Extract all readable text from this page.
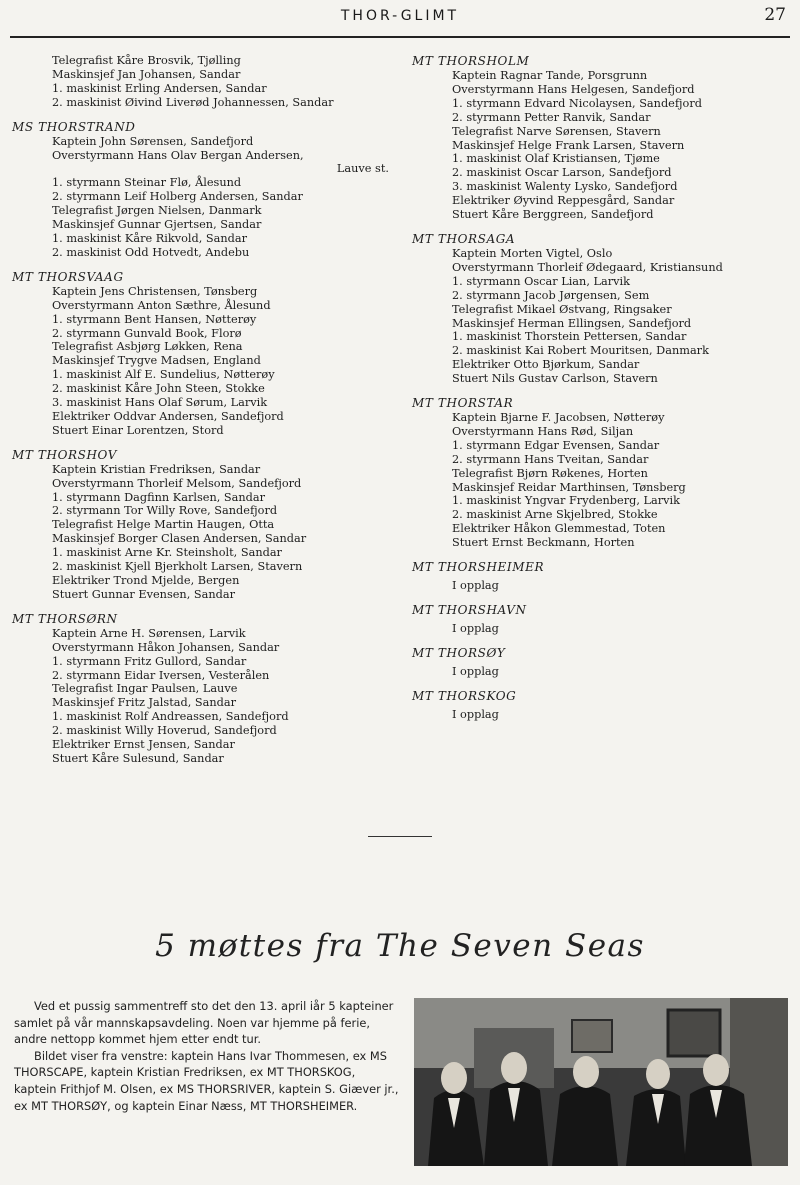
THOR-GLIMT	27
Telegrafist Kåre Brosvik, Tjølling
Maskinsjef Jan Johansen, Sandar
1. maskinist Erling Andersen, Sandar
2. maskinist Øivind Liverød Johannessen, Sandar
MS THORSTRAND
Kaptein John Sørensen, Sandefjord
Overstyrmann Hans Olav Bergan Andersen,
Lauve st.
1. styrmann Steinar Flø, Ålesund
2. styrmann Leif Holberg Andersen, Sandar
Telegrafist Jørgen Nielsen, Danmark
Maskinsjef Gunnar Gjertsen, Sandar
1. maskinist Kåre Rikvold, Sandar
2. maskinist Odd Hotvedt, Andebu
MT THORSVAAG
Kaptein Jens Christensen, Tønsberg
Overstyrmann Anton Sæthre, Ålesund
1. styrmann Bent Hansen, Nøtterøy
2. styrmann Gunvald Book, Florø
Telegrafist Asbjørg Løkken, Rena
Maskinsjef Trygve Madsen, England
1. maskinist Alf E. Sundelius, Nøtterøy
2. maskinist Kåre John Steen, Stokke
3. maskinist Hans Olaf Sørum, Larvik
Elektriker Oddvar Andersen, Sandefjord
Stuert Einar Lorentzen, Stord
MT THORSHOV
Kaptein Kristian Fredriksen, Sandar
Overstyrmann Thorleif Melsom, Sandefjord
1. styrmann Dagfinn Karlsen, Sandar
2. styrmann Tor Willy Rove, Sandefjord
Telegrafist Helge Martin Haugen, Otta
Maskinsjef Borger Clasen Andersen, Sandar
1. maskinist Arne Kr. Steinsholt, Sandar
2. maskinist Kjell Bjerkholt Larsen, Stavern
Elektriker Trond Mjelde, Bergen
Stuert Gunnar Evensen, Sandar
MT THORSØRN
Kaptein Arne H. Sørensen, Larvik
Overstyrmann Håkon Johansen, Sandar
1. styrmann Fritz Gullord, Sandar
2. styrmann Eidar Iversen, Vesterålen
Telegrafist Ingar Paulsen, Lauve
Maskinsjef Fritz Jalstad, Sandar
1. maskinist Rolf Andreassen, Sandefjord
2. maskinist Willy Hoverud, Sandefjord
Elektriker Ernst Jensen, Sandar
Stuert Kåre Sulesund, Sandar
MT THORSHOLM
Kaptein Ragnar Tande, Porsgrunn
Overstyrmann Hans Helgesen, Sandefjord
1. styrmann Edvard Nicolaysen, Sandefjord
2. styrmann Petter Ranvik, Sandar
Telegrafist Narve Sørensen, Stavern
Maskinsjef Helge Frank Larsen, Stavern
1. maskinist Olaf Kristiansen, Tjøme
2. maskinist Oscar Larson, Sandefjord
3. maskinist Walenty Lysko, Sandefjord
Elektriker Øyvind Reppesgård, Sandar
Stuert Kåre Berggreen, Sandefjord
MT THORSAGA
Kaptein Morten Vigtel, Oslo
Overstyrmann Thorleif Ødegaard, Kristiansund
1. styrmann Oscar Lian, Larvik
2. styrmann Jacob Jørgensen, Sem
Telegrafist Mikael Østvang, Ringsaker
Maskinsjef Herman Ellingsen, Sandefjord
1. maskinist Thorstein Pettersen, Sandar
2. maskinist Kai Robert Mouritsen, Danmark
Elektriker Otto Bjørkum, Sandar
Stuert Nils Gustav Carlson, Stavern
MT THORSTAR
Kaptein Bjarne F. Jacobsen, Nøtterøy
Overstyrmann Hans Rød, Siljan
1. styrmann Edgar Evensen, Sandar
2. styrmann Hans Tveitan, Sandar
Telegrafist Bjørn Røkenes, Horten
Maskinsjef Reidar Marthinsen, Tønsberg
1. maskinist Yngvar Frydenberg, Larvik
2. maskinist Arne Skjelbred, Stokke
Elektriker Håkon Glemmestad, Toten
Stuert Ernst Beckmann, Horten
MT THORSHEIMER
I opplag
MT THORSHAVN
I opplag
MT THORSØY
I opplag
MT THORSKOG
I opplag
5 møttes fra The Seven Seas

Ved et pussig sammentreff sto det den 13. april iår 5 kapteiner samlet på vår mannskapsavdeling. Noen var hjemme på ferie, andre nettopp kommet hjem etter endt tur.

Bildet viser fra venstre: kaptein Hans Ivar Thommesen, ex MS THORSCAPE, kaptein Kristian Fredriksen, ex MT THORSKOG, kaptein Frithjof M. Olsen, ex MS THORSRIVER, kaptein S. Giæver jr., ex MT THORSØY, og kaptein Einar Næss, MT THORSHEIMER.
